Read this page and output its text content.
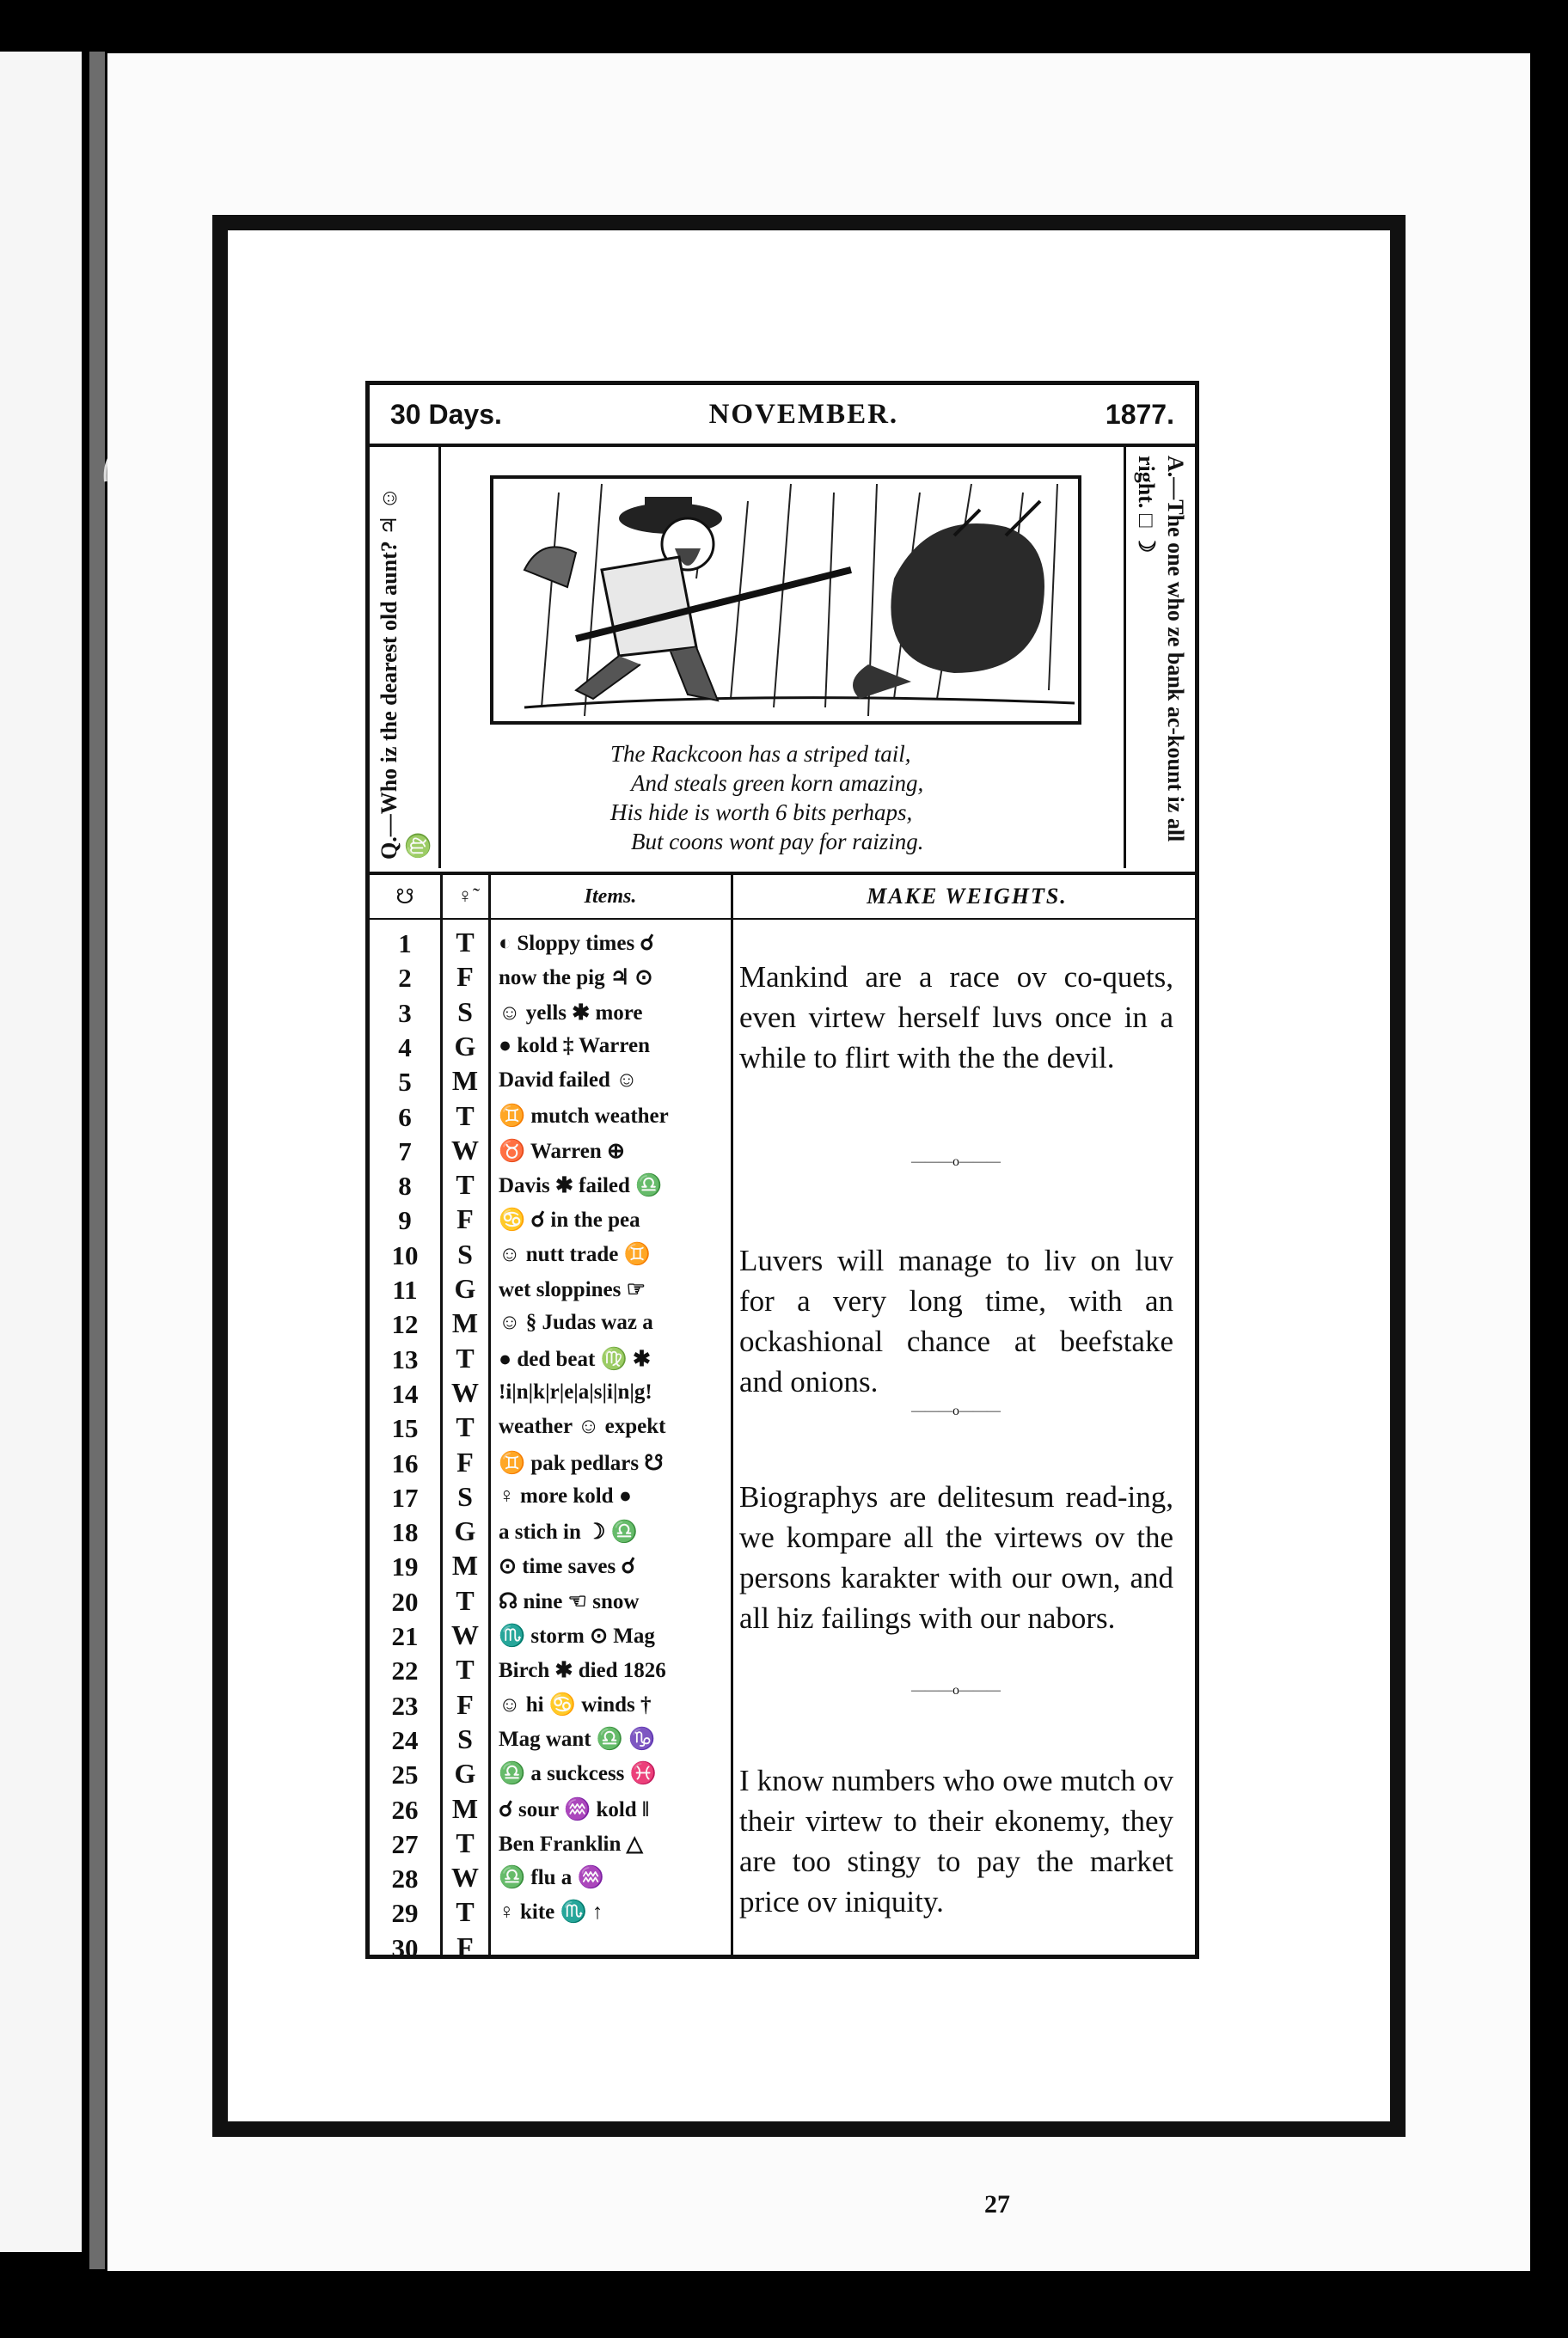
30 Days.	NOVEMBER.	1877.
Q.—Who iz the dearest old aunt? ♃ ☺ ♍
A.—The one who ze bank ac-kount iz all right. □ ☽
The Rackcoon has a striped tail,
And steals green korn amazing,
His hide is worth 6 bits perhaps,
But coons wont pay for raizing.
☋	♀̃	Items.	MAKE WEIGHTS.
1	T	◐ Sloppy times ☌
2	F	now the pig ♃ ⊙
3	S	☺ yells ✱ more
4	G	● kold ‡ Warren
5	M David failed ☺
6	T	♊ mutch weather
7	W ♉ Warren ⊕
8	T	Davis ✱ failed ♎
9	F	♋ ☌ in the pea
10	S	☺ nutt trade ♊
11	G	wet sloppines ☞
12	M ☺ § Judas waz a
13	T	● ded beat ♍ ✱
14	W !i|n|k|r|e|a|s|i|n|g!
15	T	weather ☺ expekt
16	F	♊ pak pedlars ☋
17	S	♀ more kold ●
18	G	a stich in ☽ ♎
19	M ⊙ time saves ☌
20	T	☊ nine ☜ snow
21	W ♏ storm ⊙ Mag
22	T	Birch ✱ died 1826
23	F	☺ hi ♋ winds †
24	S	Mag want ♎ ♑
25	G	♎ a suckcess ♓
26	M ☌ sour ♒ kold ‖
27	T	Ben Franklin △
28	W ♎ flu a ♒
29	T	♀ kite ♏ ↑
30	F
Mankind are a race ov co-quets, even virtew herself luvs once in a while to flirt with the the devil.
———o———
Luvers will manage to liv on luv for a very long time, with an ockashional chance at beefstake and onions.
———o———
Biographys are delitesum read-ing, we kompare all the virtews ov the persons karakter with our own, and all hiz failings with our nabors.
———o———
I know numbers who owe mutch ov their virtew to their ekonemy, they are too stingy to pay the market price ov iniquity.
27
